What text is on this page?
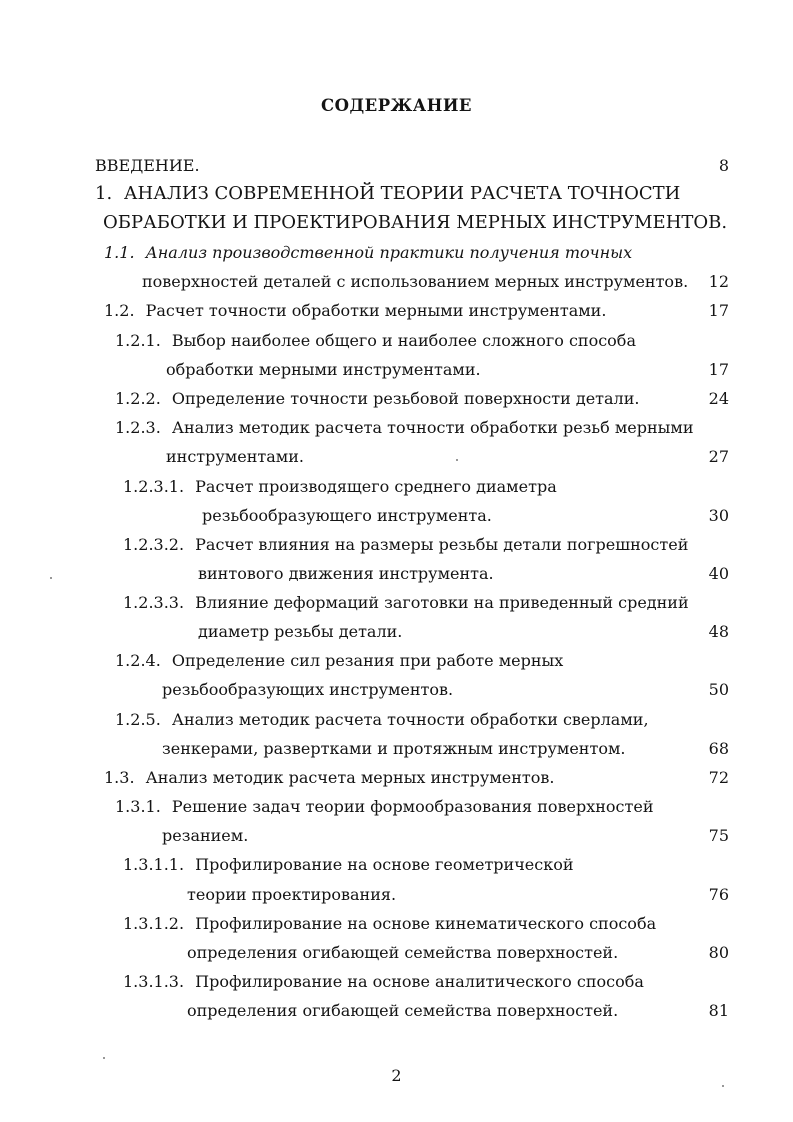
СОДЕРЖАНИЕ
ВВЕДЕНИЕ.	8
1. АНАЛИЗ СОВРЕМЕННОЙ ТЕОРИИ РАСЧЕТА ТОЧНОСТИ
ОБРАБОТКИ И ПРОЕКТИРОВАНИЯ МЕРНЫХ ИНСТРУМЕНТОВ.
1.1. Анализ производственной практики получения точных
поверхностей деталей с использованием мерных инструментов. 12
1.2. Расчет точности обработки мерными инструментами.	17
1.2.1. Выбор наиболее общего и наиболее сложного способа
обработки мерными инструментами.	17
1.2.2. Определение точности резьбовой поверхности детали.	24
1.2.3. Анализ методик расчета точности обработки резьб мерными
инструментами.	27
1.2.3.1. Расчет производящего среднего диаметра
резьбообразующего инструмента.	30
1.2.3.2. Расчет влияния на размеры резьбы детали погрешностей
винтового движения инструмента.	40
1.2.3.3. Влияние деформаций заготовки на приведенный средний
диаметр резьбы детали.	48
1.2.4. Определение сил резания при работе мерных
резьбообразующих инструментов.	50
1.2.5. Анализ методик расчета точности обработки сверлами,
зенкерами, развертками и протяжным инструментом.	68
1.3. Анализ методик расчета мерных инструментов.	72
1.3.1. Решение задач теории формообразования поверхностей
резанием.	75
1.3.1.1. Профилирование на основе геометрической
теории проектирования.	76
1.3.1.2. Профилирование на основе кинематического способа
определения огибающей семейства поверхностей.	80
1.3.1.3. Профилирование на основе аналитического способа
определения огибающей семейства поверхностей.	81
2
